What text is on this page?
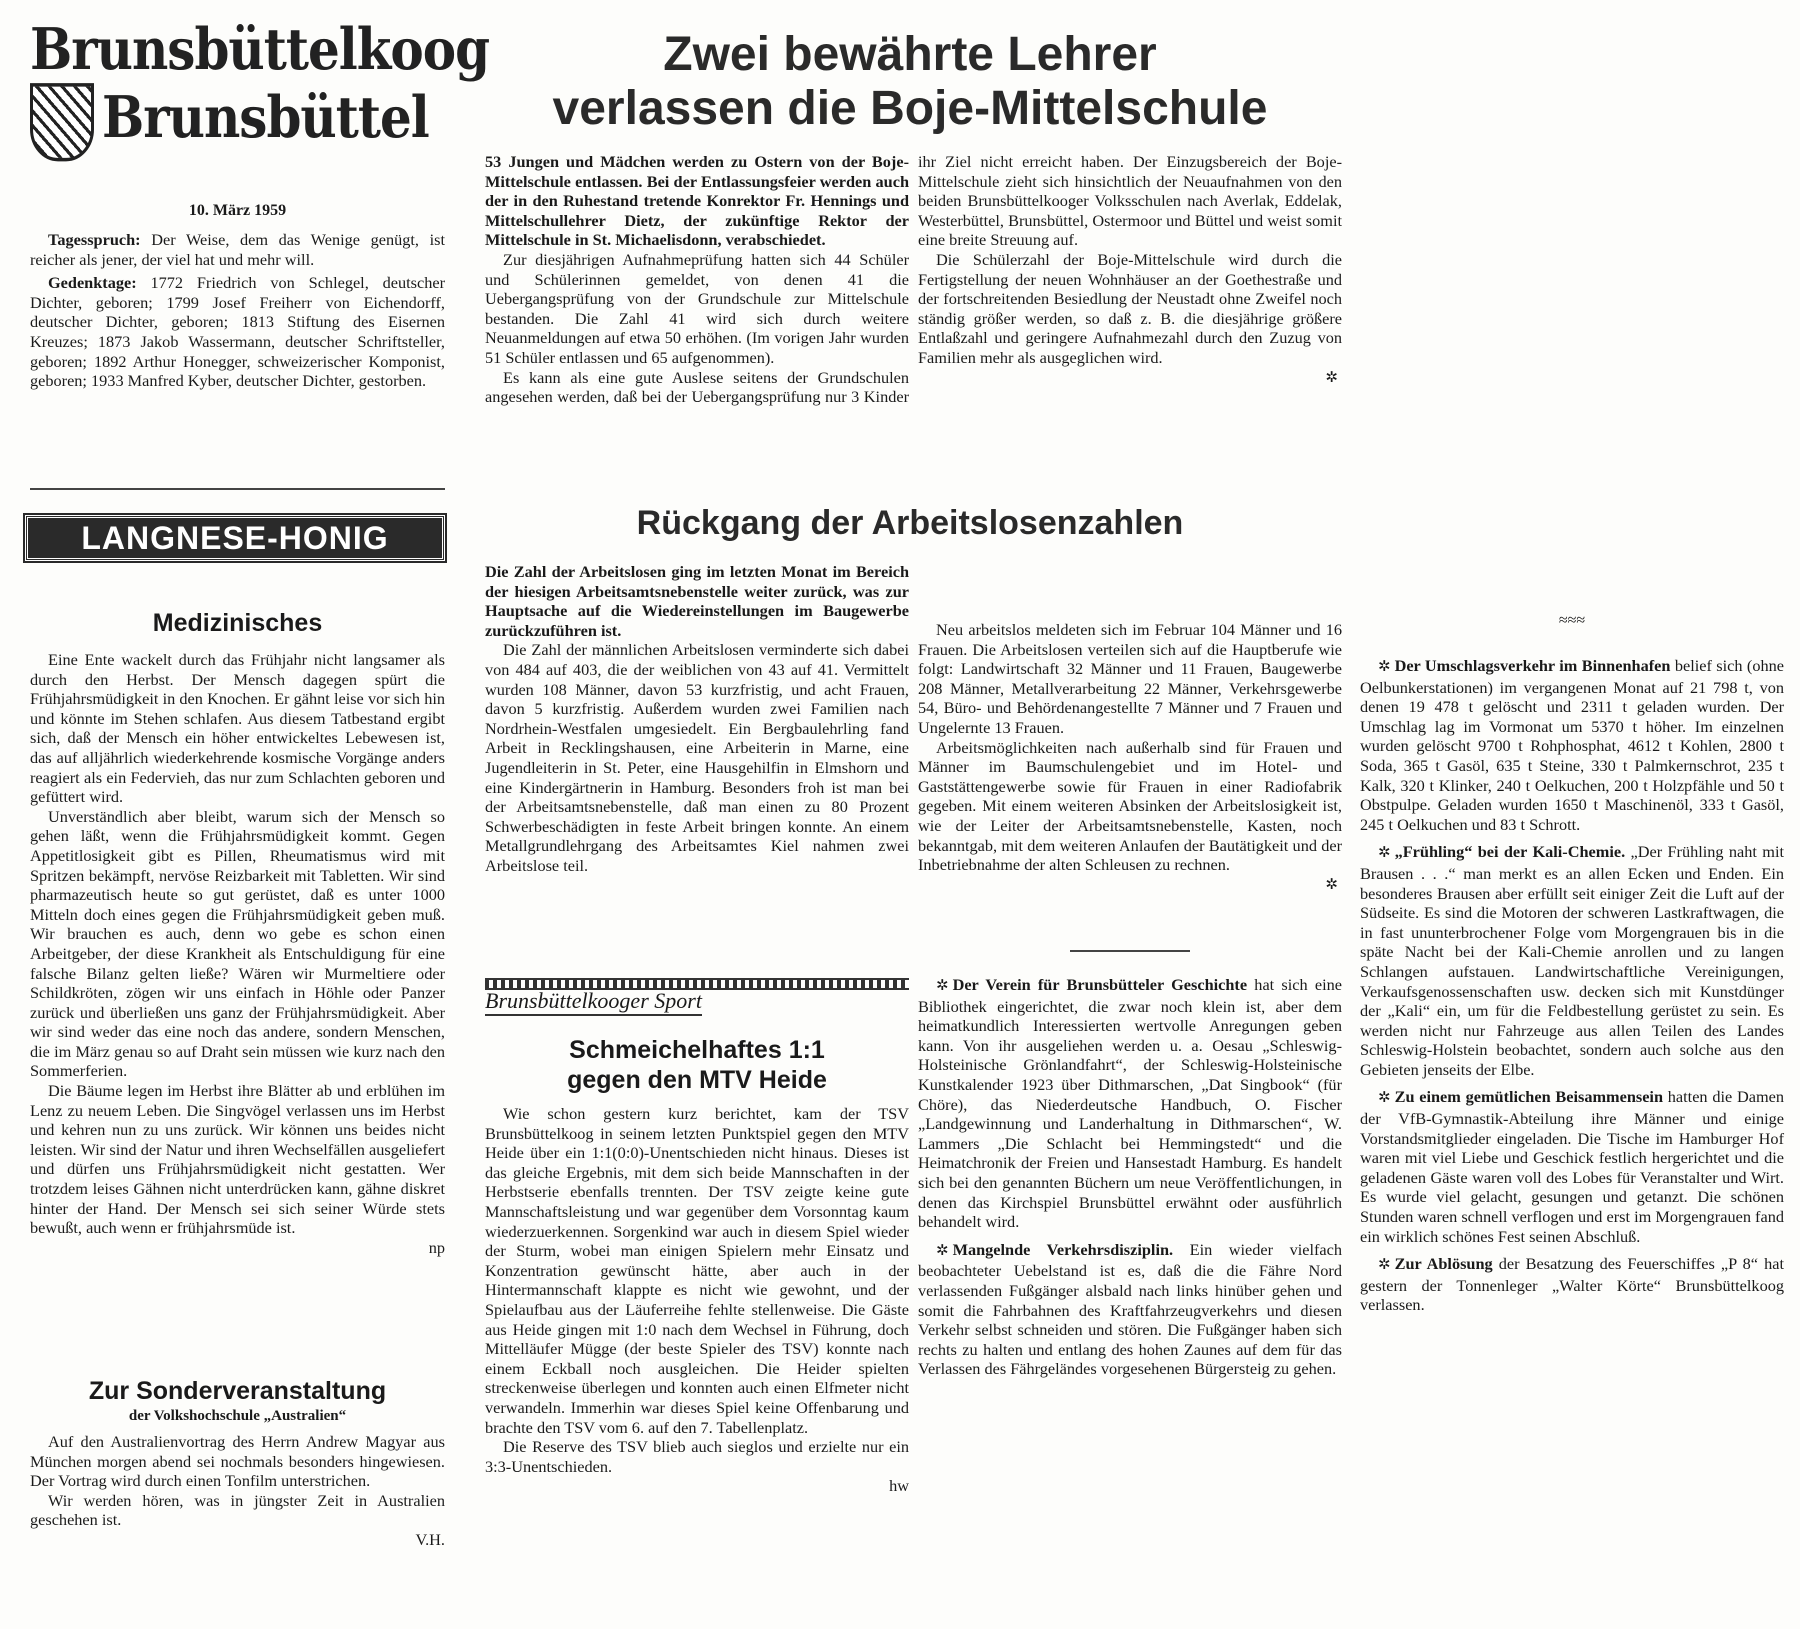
Brunsbüttelkoog
Brunsbüttel
10. März 1959

Tagesspruch: Der Weise, dem das Wenige genügt, ist reicher als jener, der viel hat und mehr will.

Gedenktage: 1772 Friedrich von Schlegel, deutscher Dichter, geboren; 1799 Josef Freiherr von Eichendorff, deutscher Dichter, geboren; 1813 Stiftung des Eisernen Kreuzes; 1873 Jakob Wassermann, deutscher Schriftsteller, geboren; 1892 Arthur Honegger, schweizerischer Komponist, geboren; 1933 Manfred Kyber, deutscher Dichter, gestorben.

LANGNESE-HONIG
Medizinisches

Eine Ente wackelt durch das Frühjahr nicht langsamer als durch den Herbst. Der Mensch dagegen spürt die Frühjahrsmüdigkeit in den Knochen. Er gähnt leise vor sich hin und könnte im Stehen schlafen. Aus diesem Tatbestand ergibt sich, daß der Mensch ein höher entwickeltes Lebewesen ist, das auf alljährlich wiederkehrende kosmische Vorgänge anders reagiert als ein Federvieh, das nur zum Schlachten geboren und gefüttert wird.

Unverständlich aber bleibt, warum sich der Mensch so gehen läßt, wenn die Frühjahrsmüdigkeit kommt. Gegen Appetitlosigkeit gibt es Pillen, Rheumatismus wird mit Spritzen bekämpft, nervöse Reizbarkeit mit Tabletten. Wir sind pharmazeutisch heute so gut gerüstet, daß es unter 1000 Mitteln doch eines gegen die Frühjahrsmüdigkeit geben muß. Wir brauchen es auch, denn wo gebe es schon einen Arbeitgeber, der diese Krankheit als Entschuldigung für eine falsche Bilanz gelten ließe? Wären wir Murmeltiere oder Schildkröten, zögen wir uns einfach in Höhle oder Panzer zurück und überließen uns ganz der Frühjahrsmüdigkeit. Aber wir sind weder das eine noch das andere, sondern Menschen, die im März genau so auf Draht sein müssen wie kurz nach den Sommerferien.

Die Bäume legen im Herbst ihre Blätter ab und erblühen im Lenz zu neuem Leben. Die Singvögel verlassen uns im Herbst und kehren nun zu uns zurück. Wir können uns beides nicht leisten. Wir sind der Natur und ihren Wechselfällen ausgeliefert und dürfen uns Frühjahrsmüdigkeit nicht gestatten. Wer trotzdem leises Gähnen nicht unterdrücken kann, gähne diskret hinter der Hand. Der Mensch sei sich seiner Würde stets bewußt, auch wenn er frühjahrsmüde ist.

np

Zur Sonderveranstaltung
der Volkshochschule „Australien“

Auf den Australienvortrag des Herrn Andrew Magyar aus München morgen abend sei nochmals besonders hingewiesen. Der Vortrag wird durch einen Tonfilm unterstrichen.

Wir werden hören, was in jüngster Zeit in Australien geschehen ist.

V.H.

Zwei bewährte Lehrer
verlassen die Boje-Mittelschule

53 Jungen und Mädchen werden zu Ostern von der Boje-Mittelschule entlassen. Bei der Entlassungsfeier werden auch der in den Ruhestand tretende Konrektor Fr. Hennings und Mittelschullehrer Dietz, der zukünftige Rektor der Mittelschule in St. Michaelisdonn, verabschiedet.

Zur diesjährigen Aufnahmeprüfung hatten sich 44 Schüler und Schülerinnen gemeldet, von denen 41 die Uebergangsprüfung von der Grundschule zur Mittelschule bestanden. Die Zahl 41 wird sich durch weitere Neuanmeldungen auf etwa 50 erhöhen. (Im vorigen Jahr wurden 51 Schüler entlassen und 65 aufgenommen).

Es kann als eine gute Auslese seitens der Grundschulen angesehen werden, daß bei der Uebergangsprüfung nur 3 Kinder ihr Ziel nicht erreicht haben. Der Einzugsbereich der Boje-Mittelschule zieht sich hinsichtlich der Neuaufnahmen von den beiden Brunsbüttelkooger Volksschulen nach Averlak, Eddelak, Westerbüttel, Brunsbüttel, Ostermoor und Büttel und weist somit eine breite Streuung auf.

Die Schülerzahl der Boje-Mittelschule wird durch die Fertigstellung der neuen Wohnhäuser an der Goethestraße und der fortschreitenden Besiedlung der Neustadt ohne Zweifel noch ständig größer werden, so daß z. B. die diesjährige größere Entlaßzahl und geringere Aufnahmezahl durch den Zuzug von Familien mehr als ausgeglichen wird.

✲
Rückgang der Arbeitslosenzahlen

Die Zahl der Arbeitslosen ging im letzten Monat im Bereich der hiesigen Arbeitsamtsnebenstelle weiter zurück, was zur Hauptsache auf die Wiedereinstellungen im Baugewerbe zurückzuführen ist.

Die Zahl der männlichen Arbeitslosen verminderte sich dabei von 484 auf 403, die der weiblichen von 43 auf 41. Vermittelt wurden 108 Männer, davon 53 kurzfristig, und acht Frauen, davon 5 kurzfristig. Außerdem wurden zwei Familien nach Nordrhein-Westfalen umgesiedelt. Ein Bergbaulehrling fand Arbeit in Recklingshausen, eine Arbeiterin in Marne, eine Jugendleiterin in St. Peter, eine Hausgehilfin in Elmshorn und eine Kindergärtnerin in Hamburg. Besonders froh ist man bei der Arbeitsamtsnebenstelle, daß man einen zu 80 Prozent Schwerbeschädigten in feste Arbeit bringen konnte. An einem Metallgrundlehrgang des Arbeitsamtes Kiel nahmen zwei Arbeitslose teil.

Neu arbeitslos meldeten sich im Februar 104 Männer und 16 Frauen. Die Arbeitslosen verteilen sich auf die Hauptberufe wie folgt: Landwirtschaft 32 Männer und 11 Frauen, Baugewerbe 208 Männer, Metallverarbeitung 22 Männer, Verkehrsgewerbe 54, Büro- und Behördenangestellte 7 Männer und 7 Frauen und Ungelernte 13 Frauen.

Arbeitsmöglichkeiten nach außerhalb sind für Frauen und Männer im Baumschulengebiet und im Hotel- und Gaststättengewerbe sowie für Frauen in einer Radiofabrik gegeben. Mit einem weiteren Absinken der Arbeitslosigkeit ist, wie der Leiter der Arbeitsamtsnebenstelle, Kasten, noch bekanntgab, mit dem weiteren Anlaufen der Bautätigkeit und der Inbetriebnahme der alten Schleusen zu rechnen.

✲
Brunsbüttelkooger Sport
Schmeichelhaftes 1:1
gegen den MTV Heide

Wie schon gestern kurz berichtet, kam der TSV Brunsbüttelkoog in seinem letzten Punktspiel gegen den MTV Heide über ein 1:1(0:0)-Unentschieden nicht hinaus. Dieses ist das gleiche Ergebnis, mit dem sich beide Mannschaften in der Herbstserie ebenfalls trennten. Der TSV zeigte keine gute Mannschaftsleistung und war gegenüber dem Vorsonntag kaum wiederzuerkennen. Sorgenkind war auch in diesem Spiel wieder der Sturm, wobei man einigen Spielern mehr Einsatz und Konzentration gewünscht hätte, aber auch in der Hintermannschaft klappte es nicht wie gewohnt, und der Spielaufbau aus der Läuferreihe fehlte stellenweise. Die Gäste aus Heide gingen mit 1:0 nach dem Wechsel in Führung, doch Mittelläufer Mügge (der beste Spieler des TSV) konnte nach einem Eckball noch ausgleichen. Die Heider spielten streckenweise überlegen und konnten auch einen Elfmeter nicht verwandeln. Immerhin war dieses Spiel keine Offenbarung und brachte den TSV vom 6. auf den 7. Tabellenplatz.

Die Reserve des TSV blieb auch sieglos und erzielte nur ein 3:3-Unentschieden.

hw

✲ Der Verein für Brunsbütteler Geschichte hat sich eine Bibliothek eingerichtet, die zwar noch klein ist, aber dem heimatkundlich Interessierten wertvolle Anregungen geben kann. Von ihr ausgeliehen werden u. a. Oesau „Schleswig-Holsteinische Grönlandfahrt“, der Schleswig-Holsteinische Kunstkalender 1923 über Dithmarschen, „Dat Singbook“ (für Chöre), das Niederdeutsche Handbuch, O. Fischer „Landgewinnung und Landerhaltung in Dithmarschen“, W. Lammers „Die Schlacht bei Hemmingstedt“ und die Heimatchronik der Freien und Hansestadt Hamburg. Es handelt sich bei den genannten Büchern um neue Veröffentlichungen, in denen das Kirchspiel Brunsbüttel erwähnt oder ausführlich behandelt wird.

✲ Mangelnde Verkehrsdisziplin. Ein wieder vielfach beobachteter Uebelstand ist es, daß die die Fähre Nord verlassenden Fußgänger alsbald nach links hinüber gehen und somit die Fahrbahnen des Kraftfahrzeugverkehrs und diesen Verkehr selbst schneiden und stören. Die Fußgänger haben sich rechts zu halten und entlang des hohen Zaunes auf dem für das Verlassen des Fährgeländes vorgesehenen Bürgersteig zu gehen.

≈≈≈

✲ Der Umschlagsverkehr im Binnenhafen belief sich (ohne Oelbunkerstationen) im vergangenen Monat auf 21 798 t, von denen 19 478 t gelöscht und 2311 t geladen wurden. Der Umschlag lag im Vormonat um 5370 t höher. Im einzelnen wurden gelöscht 9700 t Rohphosphat, 4612 t Kohlen, 2800 t Soda, 365 t Gasöl, 635 t Steine, 330 t Palmkernschrot, 235 t Kalk, 320 t Klinker, 240 t Oelkuchen, 200 t Holzpfähle und 50 t Obstpulpe. Geladen wurden 1650 t Maschinenöl, 333 t Gasöl, 245 t Oelkuchen und 83 t Schrott.

✲ „Frühling“ bei der Kali-Chemie. „Der Frühling naht mit Brausen . . .“ man merkt es an allen Ecken und Enden. Ein besonderes Brausen aber erfüllt seit einiger Zeit die Luft auf der Südseite. Es sind die Motoren der schweren Lastkraftwagen, die in fast ununterbrochener Folge vom Morgengrauen bis in die späte Nacht bei der Kali-Chemie anrollen und zu langen Schlangen aufstauen. Landwirtschaftliche Vereinigungen, Verkaufsgenossenschaften usw. decken sich mit Kunstdünger der „Kali“ ein, um für die Feldbestellung gerüstet zu sein. Es werden nicht nur Fahrzeuge aus allen Teilen des Landes Schleswig-Holstein beobachtet, sondern auch solche aus den Gebieten jenseits der Elbe.

✲ Zu einem gemütlichen Beisammensein hatten die Damen der VfB-Gymnastik-Abteilung ihre Männer und einige Vorstandsmitglieder eingeladen. Die Tische im Hamburger Hof waren mit viel Liebe und Geschick festlich hergerichtet und die geladenen Gäste waren voll des Lobes für Veranstalter und Wirt. Es wurde viel gelacht, gesungen und getanzt. Die schönen Stunden waren schnell verflogen und erst im Morgengrauen fand ein wirklich schönes Fest seinen Abschluß.

✲ Zur Ablösung der Besatzung des Feuerschiffes „P 8“ hat gestern der Tonnenleger „Walter Körte“ Brunsbüttelkoog verlassen.
